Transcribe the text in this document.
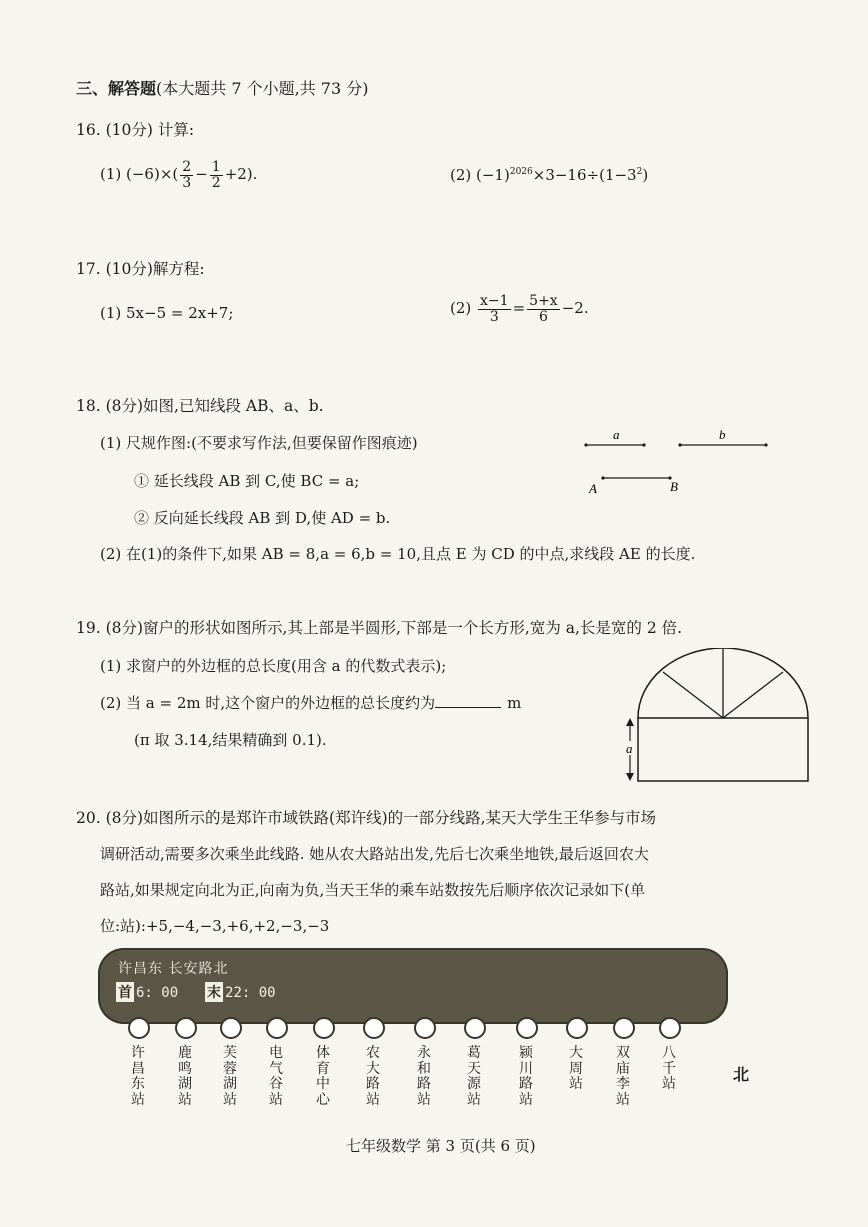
三、解答题(本大题共 7 个小题,共 73 分)
16. (10分) 计算:
(1) $(-6)\times( \frac{2}{3} - \frac{1}{2} +2)$.	(2) $(-1)^{2026}\times 3-16\div(1-3^2)$
17. (10分)解方程:
(1) 5x−5 = 2x+7;	$(2) \frac{x-1}{3} = \frac{5+x}{6} -2$.
18. (8分)如图,已知线段 AB、a、b.
(1) 尺规作图:(不要求写作法,但要保留作图痕迹)
① 延长线段 AB 到 C,使 BC = a;
② 反向延长线段 AB 到 D,使 AD = b.
(2) 在(1)的条件下,如果 AB = 8,a = 6,b = 10,且点 E 为 CD 的中点,求线段 AE 的长度.
a	b
A	B
19. (8分)窗户的形状如图所示,其上部是半圆形,下部是一个长方形,宽为 a,长是宽的 2 倍.
(1) 求窗户的外边框的总长度(用含 a 的代数式表示);
(2) 当 a = 2m 时,这个窗户的外边框的总长度约为	m
(π 取 3.14,结果精确到 0.1).	a
20. (8分)如图所示的是郑许市域铁路(郑许线)的一部分线路,某天大学生王华参与市场
调研活动,需要多次乘坐此线路. 她从农大路站出发,先后七次乘坐地铁,最后返回农大
路站,如果规定向北为正,向南为负,当天王华的乘车站数按先后顺序依次记录如下(单
位:站):+5,−4,−3,+6,+2,−3,−3
许昌东 长安路北
首 6: 00 末 22: 00
许昌东站
鹿鸣湖站
芙蓉湖站
电气谷站
体育中心
农大路站
永和路站
葛天源站
颍川路站
大周站
双庙李站
八千站	北
七年级数学 第 3 页(共 6 页)
